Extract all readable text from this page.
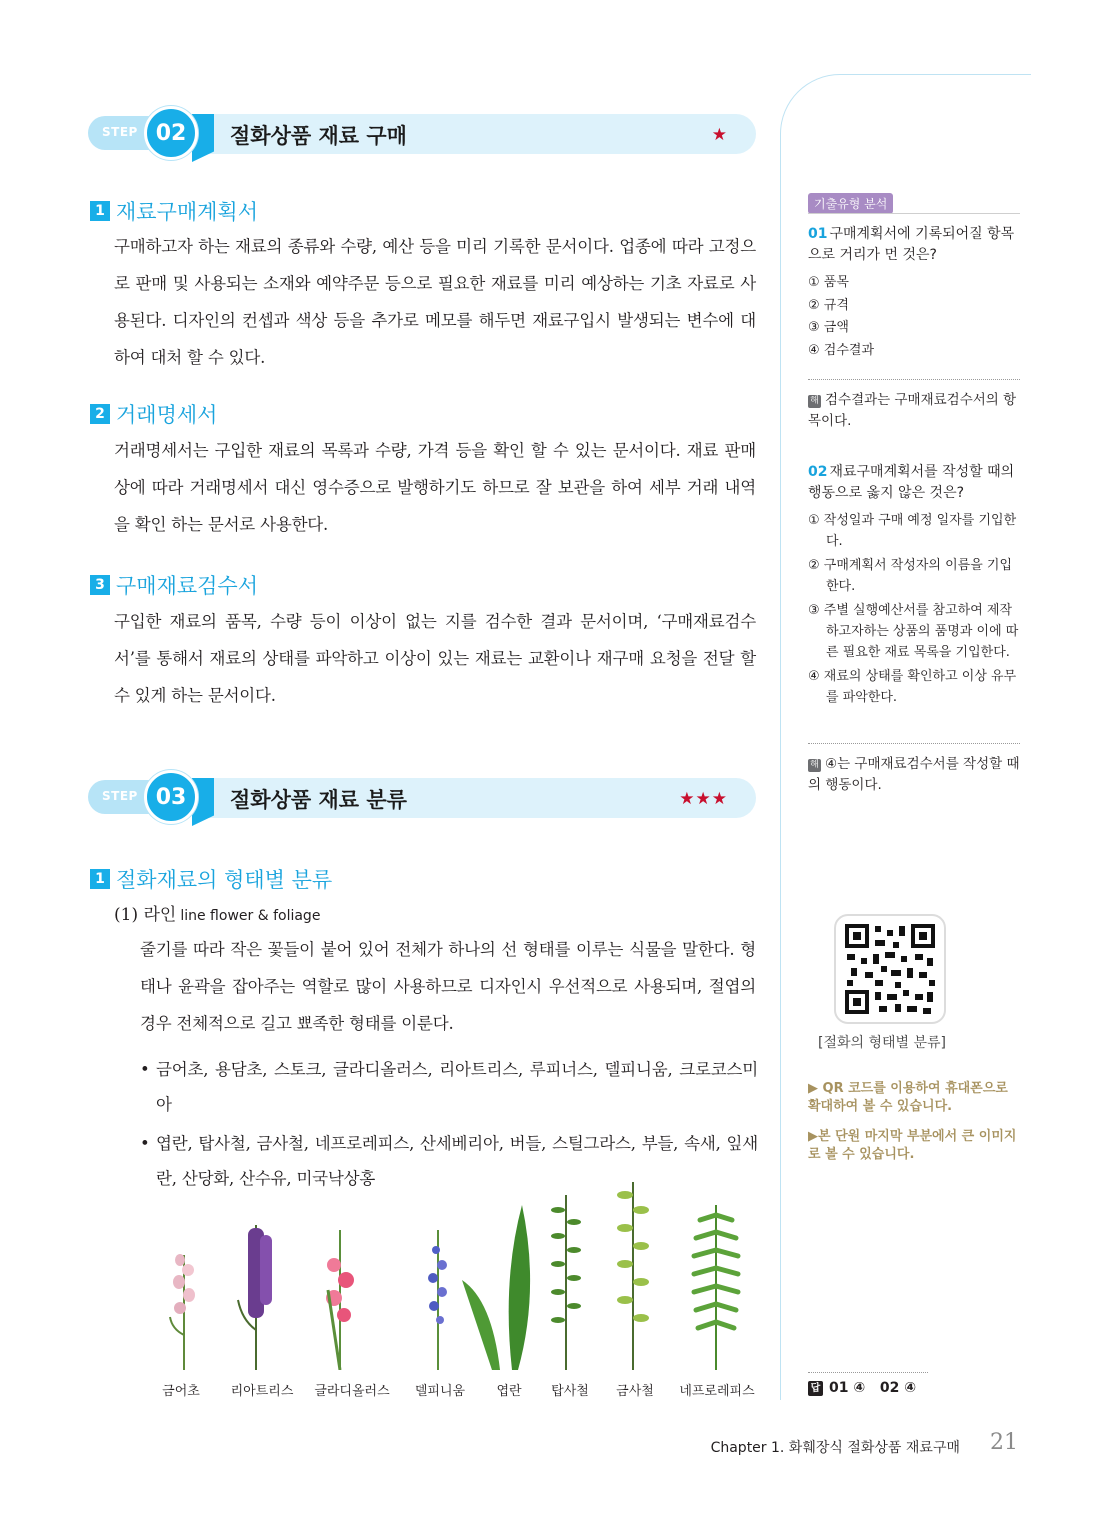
STEP 02	절화상품 재료 구매	★
1 재료구매계획서

구매하고자 하는 재료의 종류와 수량, 예산 등을 미리 기록한 문서이다. 업종에 따라 고정으로 판매 및 사용되는 소재와 예약주문 등으로 필요한 재료를 미리 예상하는 기초 자료로 사용된다. 디자인의 컨셉과 색상 등을 추가로 메모를 해두면 재료구입시 발생되는 변수에 대하여 대처 할 수 있다.

2 거래명세서

거래명세서는 구입한 재료의 목록과 수량, 가격 등을 확인 할 수 있는 문서이다. 재료 판매상에 따라 거래명세서 대신 영수증으로 발행하기도 하므로 잘 보관을 하여 세부 거래 내역을 확인 하는 문서로 사용한다.

3 구매재료검수서

구입한 재료의 품목, 수량 등이 이상이 없는 지를 검수한 결과 문서이며, ‘구매재료검수서’를 통해서 재료의 상태를 파악하고 이상이 있는 재료는 교환이나 재구매 요청을 전달 할 수 있게 하는 문서이다.

STEP 03	절화상품 재료 분류	★★★
1 절화재료의 형태별 분류
(1) 라인 line flower & foliage

줄기를 따라 작은 꽃들이 붙어 있어 전체가 하나의 선 형태를 이루는 식물을 말한다. 형태나 윤곽을 잡아주는 역할로 많이 사용하므로 디자인시 우선적으로 사용되며, 절엽의 경우 전체적으로 길고 뾰족한 형태를 이룬다.

• 금어초, 용담초, 스토크, 글라디올러스, 리아트리스, 루피너스, 델피니움, 크로코스미아
• 엽란, 탑사철, 금사철, 네프로레피스, 산세베리아, 버들, 스틸그라스, 부들, 속새, 잎새란, 산당화, 산수유, 미국낙상홍
금어초	리아트리스	글라디올러스	델피니움	엽란	탑사철	금사철	네프로레피스
기출유형 분석

01 구매계획서에 기록되어질 항목으로 거리가 먼 것은?

① 품목

② 규격

③ 금액

④ 검수결과

해 검수결과는 구매재료검수서의 항목이다.

02 재료구매계획서를 작성할 때의 행동으로 옳지 않은 것은?

① 작성일과 구매 예정 일자를 기입한다.

② 구매계획서 작성자의 이름을 기입한다.

③ 주별 실행예산서를 참고하여 제작하고자하는 상품의 품명과 이에 따른 필요한 재료 목록을 기입한다.

④ 재료의 상태를 확인하고 이상 유무를 파악한다.

해 ④는 구매재료검수서를 작성할 때의 행동이다.

[절화의 형태별 분류]

▶ QR 코드를 이용하여 휴대폰으로 확대하여 볼 수 있습니다.

▶본 단원 마지막 부분에서 큰 이미지로 볼 수 있습니다.

답 01 ④   02 ④
Chapter 1. 화훼장식 절화상품 재료구매 21
